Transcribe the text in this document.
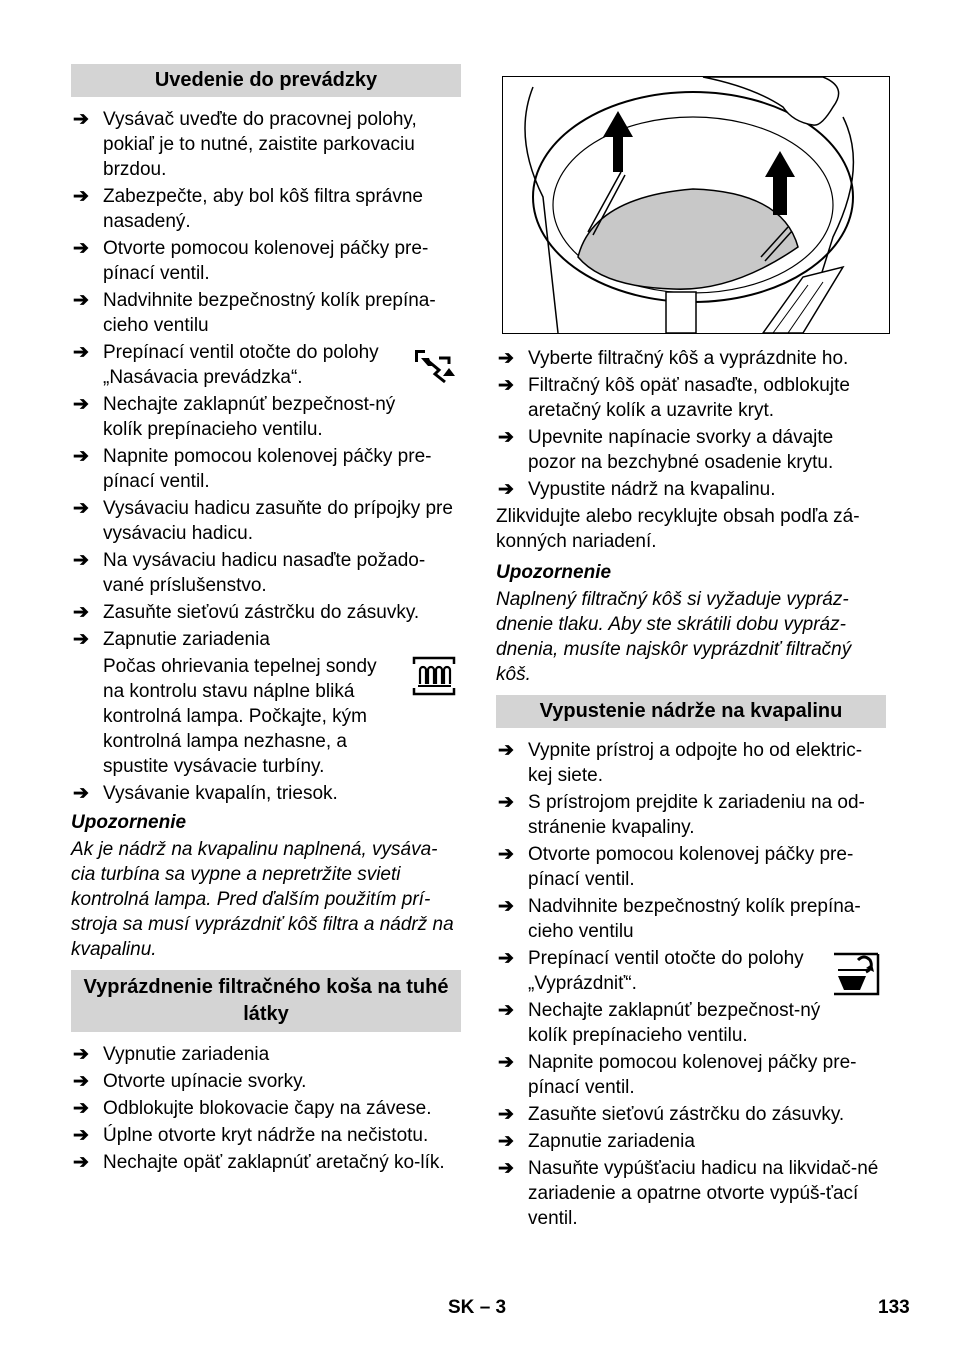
Uvedenie do prevádzky
➔ Vysávač uveďte do pracovnej polohy, pokiaľ je to nutné, zaistite parkovaciu brzdou.
➔ Zabezpečte, aby bol kôš filtra správne nasadený.
➔ Otvorte pomocou kolenovej páčky pre-pínací ventil.
➔ Nadvihnite bezpečnostný kolík prepína-cieho ventilu
➔ Prepínací ventil otočte do polohy „Nasávacia prevádzka“.
➔ Nechajte zaklapnúť bezpečnost-ný kolík prepínacieho ventilu.
➔ Napnite pomocou kolenovej páčky pre-pínací ventil.
➔ Vysávaciu hadicu zasuňte do prípojky pre vysávaciu hadicu.
➔ Na vysávaciu hadicu nasaďte požado-vané príslušenstvo.
➔ Zasuňte sieťovú zástrčku do zásuvky.
➔ Zapnutie zariadenia
Počas ohrievania tepelnej sondy na kontrolu stavu náplne bliká kontrolná lampa. Počkajte, kým kontrolná lampa nezhasne, a spustite vysávacie turbíny.
➔ Vysávanie kvapalín, triesok.
Upozornenie
Ak je nádrž na kvapalinu naplnená, vysáva-cia turbína sa vypne a nepretržite svieti kontrolná lampa. Pred ďalším použitím prí-stroja sa musí vyprázdniť kôš filtra a nádrž na kvapalinu.
Vyprázdnenie filtračného koša na tuhé látky
➔ Vypnutie zariadenia
➔ Otvorte upínacie svorky.
➔ Odblokujte blokovacie čapy na závese.
➔ Úplne otvorte kryt nádrže na nečistotu.
➔ Nechajte opäť zaklapnúť aretačný ko-lík.
➔ Vyberte filtračný kôš a vyprázdnite ho.
➔ Filtračný kôš opäť nasaďte, odblokujte aretačný kolík a uzavrite kryt.
➔ Upevnite napínacie svorky a dávajte pozor na bezchybné osadenie krytu.
➔ Vypustite nádrž na kvapalinu.
Zlikvidujte alebo recyklujte obsah podľa zá-konných nariadení.
Upozornenie
Naplnený filtračný kôš si vyžaduje vypráz-dnenie tlaku. Aby ste skrátili dobu vypráz-dnenia, musíte najskôr vyprázdniť filtračný kôš.
Vypustenie nádrže na kvapalinu
➔ Vypnite prístroj a odpojte ho od elektric-kej siete.
➔ S prístrojom prejdite k zariadeniu na od-stránenie kvapaliny.
➔ Otvorte pomocou kolenovej páčky pre-pínací ventil.
➔ Nadvihnite bezpečnostný kolík prepína-cieho ventilu
➔ Prepínací ventil otočte do polohy „Vyprázdniť“.
➔ Nechajte zaklapnúť bezpečnost-ný kolík prepínacieho ventilu.
➔ Napnite pomocou kolenovej páčky pre-pínací ventil.
➔ Zasuňte sieťovú zástrčku do zásuvky.
➔ Zapnutie zariadenia
➔ Nasuňte vypúšťaciu hadicu na likvidač-né zariadenie a opatrne otvorte vypúš-ťací ventil.
SK – 3	133
